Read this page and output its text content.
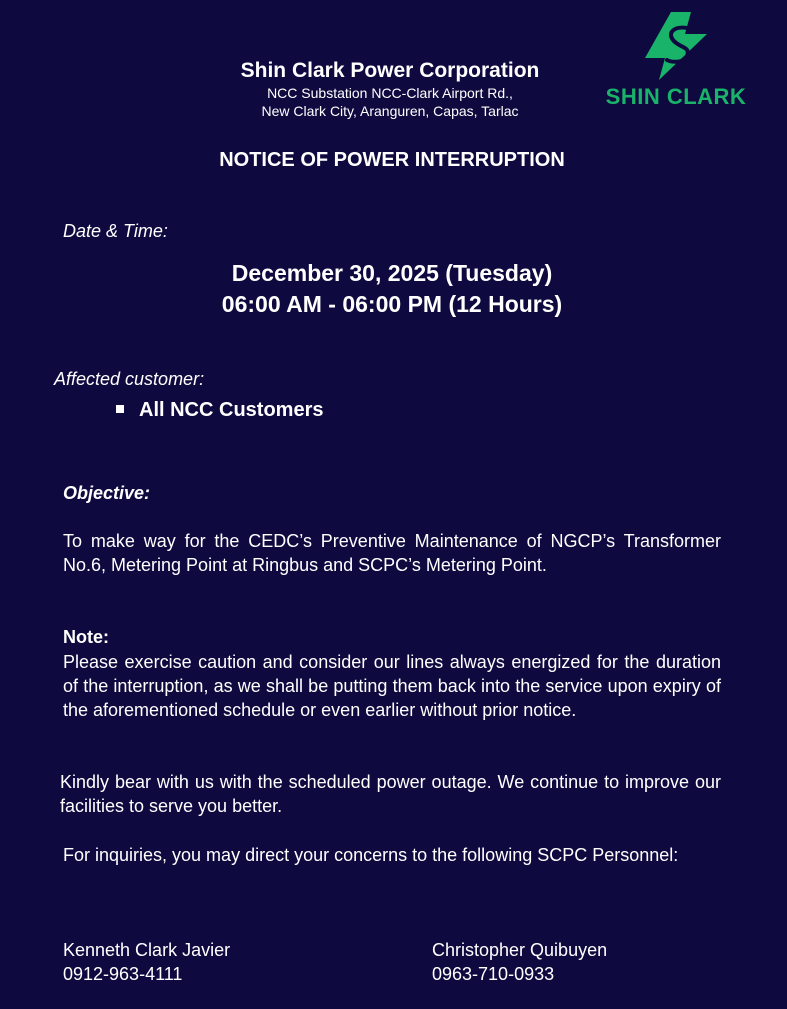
Shin Clark Power Corporation
NCC Substation NCC-Clark Airport Rd.,
New Clark City, Aranguren, Capas, Tarlac
SHIN CLARK
NOTICE OF POWER INTERRUPTION
Date & Time:
December 30, 2025 (Tuesday)
06:00 AM - 06:00 PM (12 Hours)
Affected customer:
All NCC Customers
Objective:
To make way for the CEDC’s Preventive Maintenance of NGCP’s Transformer No.6, Metering Point at Ringbus and SCPC’s Metering Point.
Note:
Please exercise caution and consider our lines always energized for the duration of the interruption, as we shall be putting them back into the service upon expiry of the aforementioned schedule or even earlier without prior notice.
Kindly bear with us with the scheduled power outage. We continue to improve our facilities to serve you better.
For inquiries, you may direct your concerns to the following SCPC Personnel:
Kenneth Clark Javier
0912-963-4111
Christopher Quibuyen
0963-710-0933
